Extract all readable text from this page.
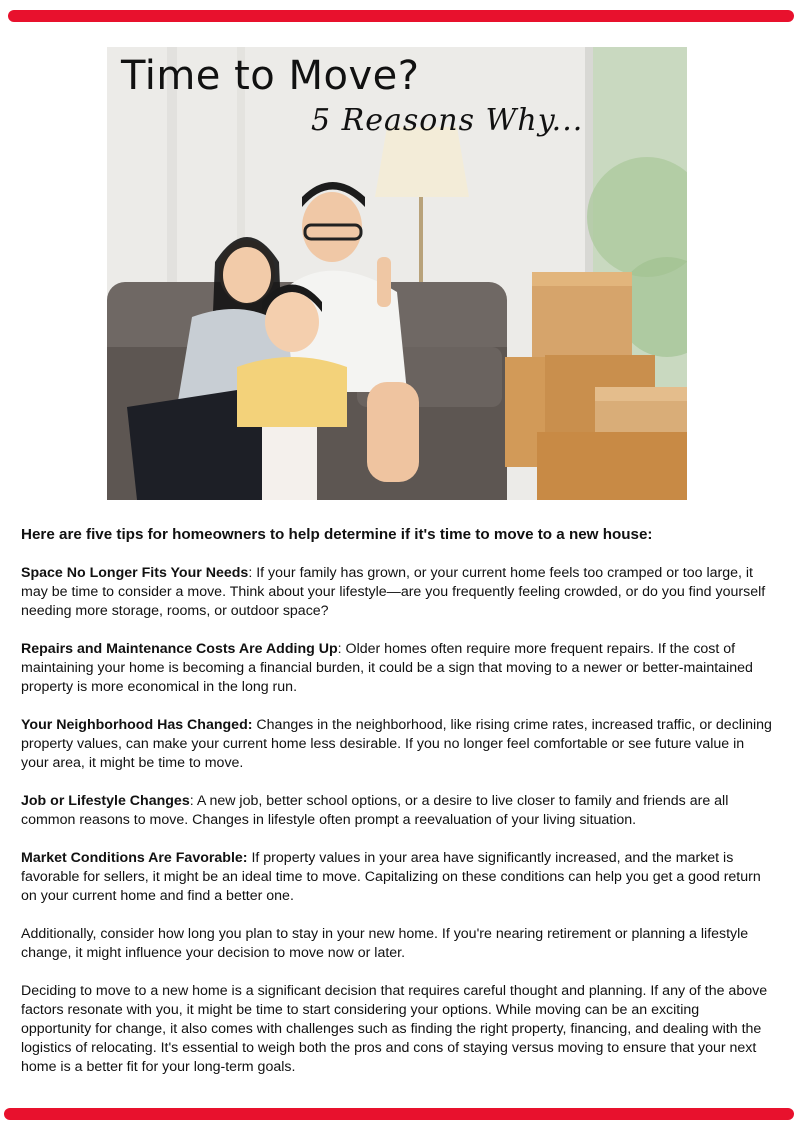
Time to Move?
5 Reasons Why...

Here are five tips for homeowners to help determine if it's time to move to a new house:

Space No Longer Fits Your Needs: If your family has grown, or your current home feels too cramped or too large, it may be time to consider a move. Think about your lifestyle—are you frequently feeling crowded, or do you find yourself needing more storage, rooms, or outdoor space?

Repairs and Maintenance Costs Are Adding Up: Older homes often require more frequent repairs. If the cost of maintaining your home is becoming a financial burden, it could be a sign that moving to a newer or better-maintained property is more economical in the long run.

Your Neighborhood Has Changed: Changes in the neighborhood, like rising crime rates, increased traffic, or declining property values, can make your current home less desirable. If you no longer feel comfortable or see future value in your area, it might be time to move.

Job or Lifestyle Changes: A new job, better school options, or a desire to live closer to family and friends are all common reasons to move. Changes in lifestyle often prompt a reevaluation of your living situation.

Market Conditions Are Favorable: If property values in your area have significantly increased, and the market is favorable for sellers, it might be an ideal time to move. Capitalizing on these conditions can help you get a good return on your current home and find a better one.

Additionally, consider how long you plan to stay in your new home. If you're nearing retirement or planning a lifestyle change, it might influence your decision to move now or later.

Deciding to move to a new home is a significant decision that requires careful thought and planning. If any of the above factors resonate with you, it might be time to start considering your options. While moving can be an exciting opportunity for change, it also comes with challenges such as finding the right property, financing, and dealing with the logistics of relocating. It's essential to weigh both the pros and cons of staying versus moving to ensure that your next home is a better fit for your long-term goals.
